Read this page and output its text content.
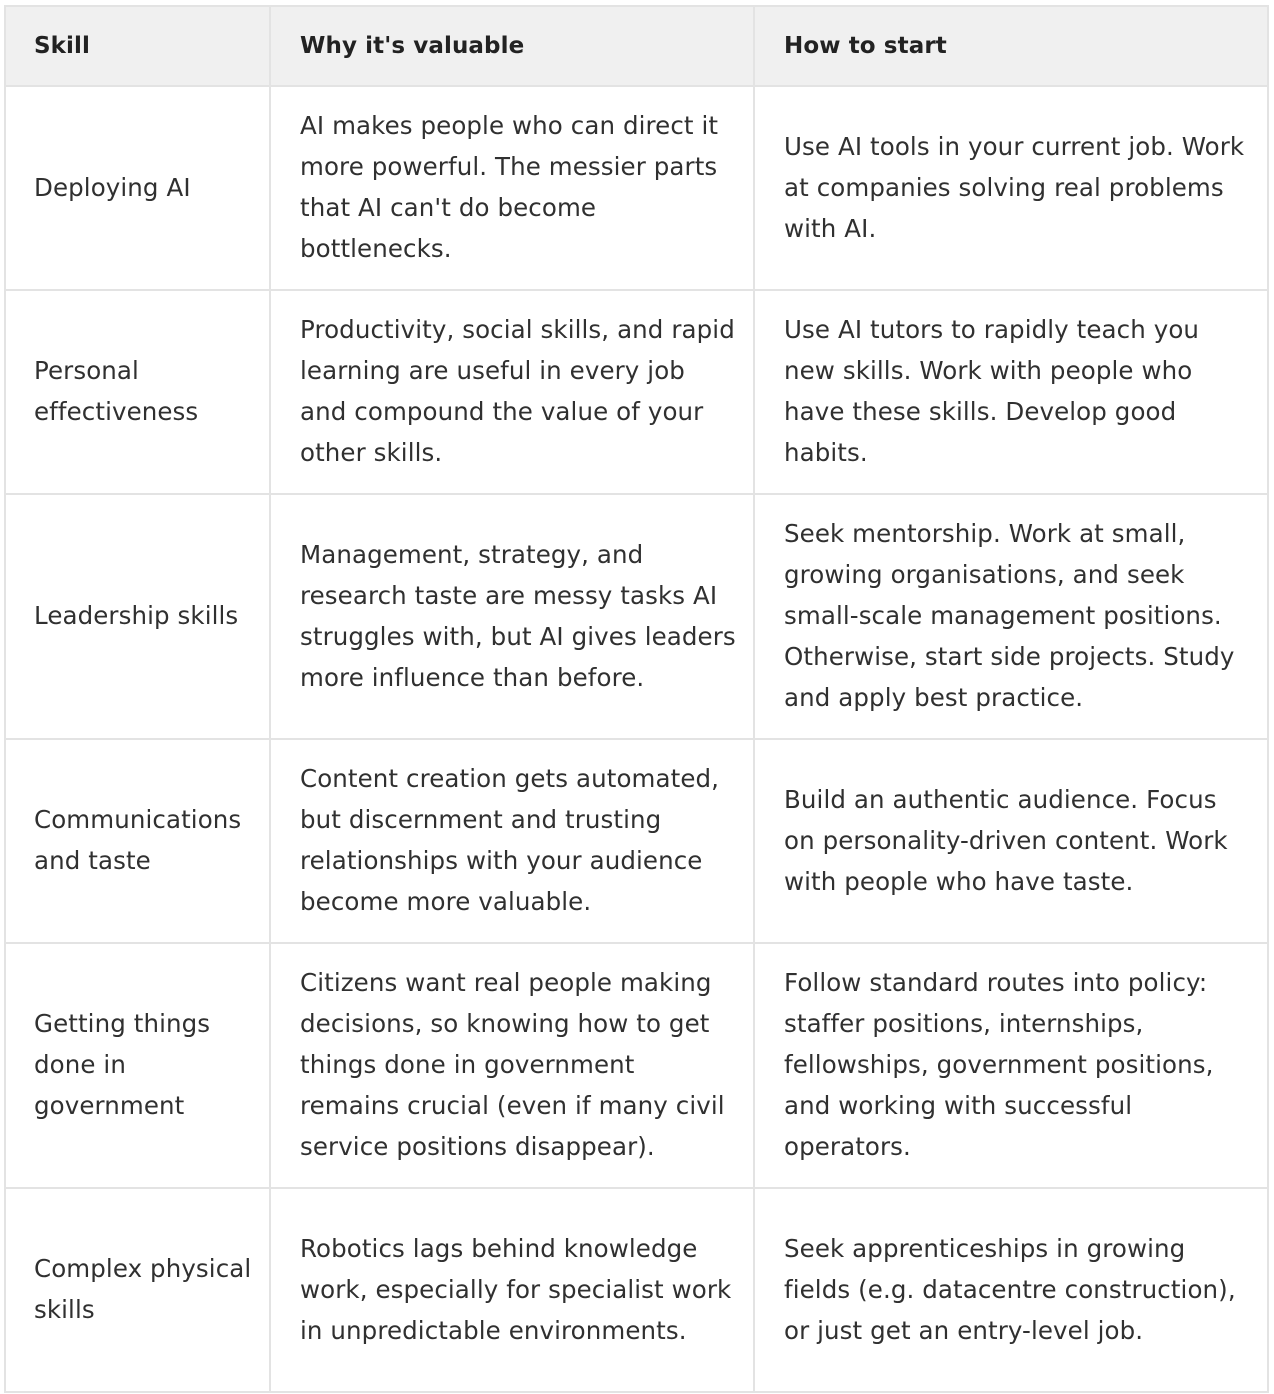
Skill	Why it's valuable	How to start
Deploying AI	AI makes people who can direct it more powerful. The messier parts that AI can't do become bottlenecks.	Use AI tools in your current job. Work at companies solving real problems with AI.
Personal effectiveness	Productivity, social skills, and rapid learning are useful in every job and compound the value of your other skills.	Use AI tutors to rapidly teach you new skills. Work with people who have these skills. Develop good habits.
Leadership skills	Management, strategy, and research taste are messy tasks AI struggles with, but AI gives leaders more influence than before.	Seek mentorship. Work at small, growing organisations, and seek small-scale management positions. Otherwise, start side projects. Study and apply best practice.
Communications and taste	Content creation gets automated, but discernment and trusting relationships with your audience become more valuable.	Build an authentic audience. Focus on personality-driven content. Work with people who have taste.
Getting things done in government	Citizens want real people making decisions, so knowing how to get things done in government remains crucial (even if many civil service positions disappear).	Follow standard routes into policy: staffer positions, internships, fellowships, government positions, and working with successful operators.
Complex physical skills	Robotics lags behind knowledge work, especially for specialist work in unpredictable environments.	Seek apprenticeships in growing fields (e.g. datacentre construction), or just get an entry-level job.
